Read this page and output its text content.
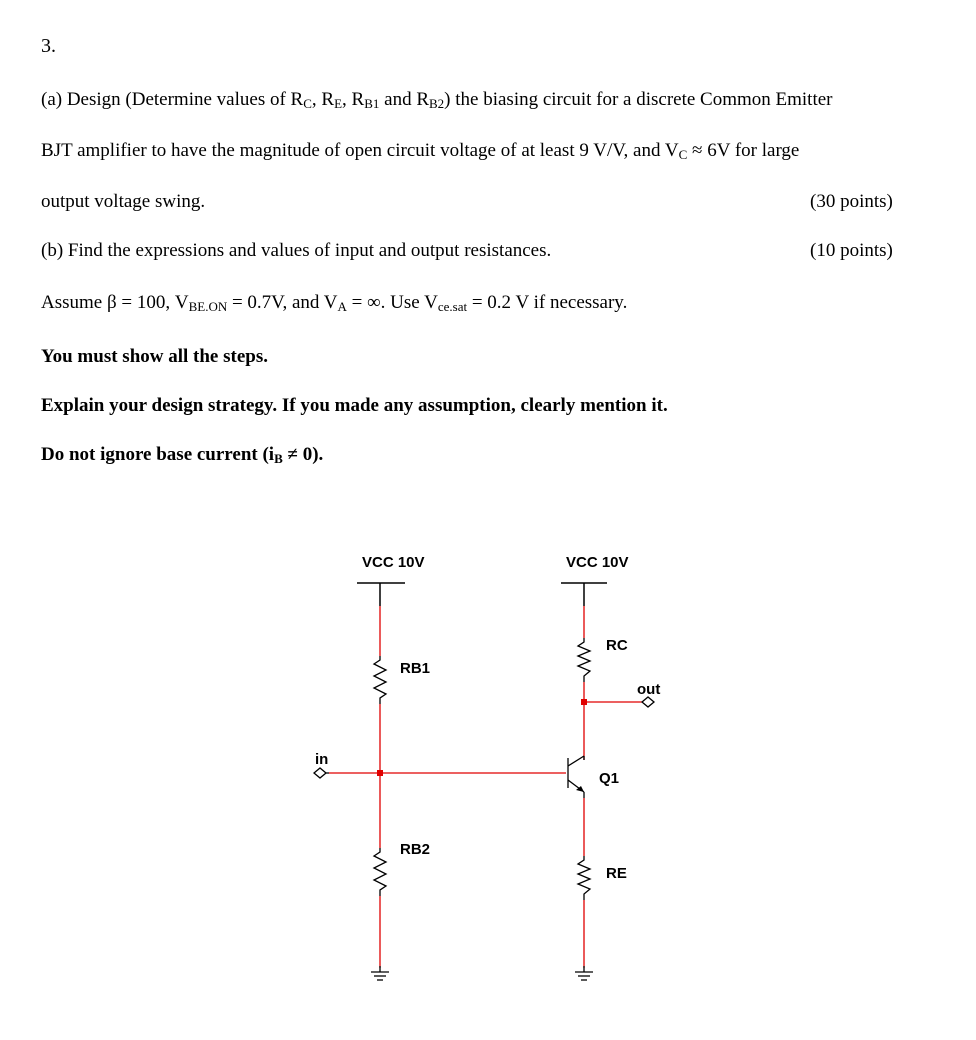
3.
(a) Design (Determine values of $R_C$, $R_E$, $R_{B1}$ and $R_{B2}$) the biasing circuit for a discrete Common Emitter
BJT amplifier to have the magnitude of open circuit voltage of at least 9 V/V, and $V_C \approx 6V$ for large
output voltage swing.	(30 points)
(b) Find the expressions and values of input and output resistances.	(10 points)
Assume β = 100, $V_{BE.ON} = 0.7V$, and $V_A$ = ∞. Use $V_{ce.sat} = 0.2$ V if necessary.
You must show all the steps.
Explain your design strategy. If you made any assumption, clearly mention it.
Do not ignore base current $(i_B \ne 0)$.
VCC 10V	VCC 10V
RB1
RB2
RC
RE
Q1
in
out
